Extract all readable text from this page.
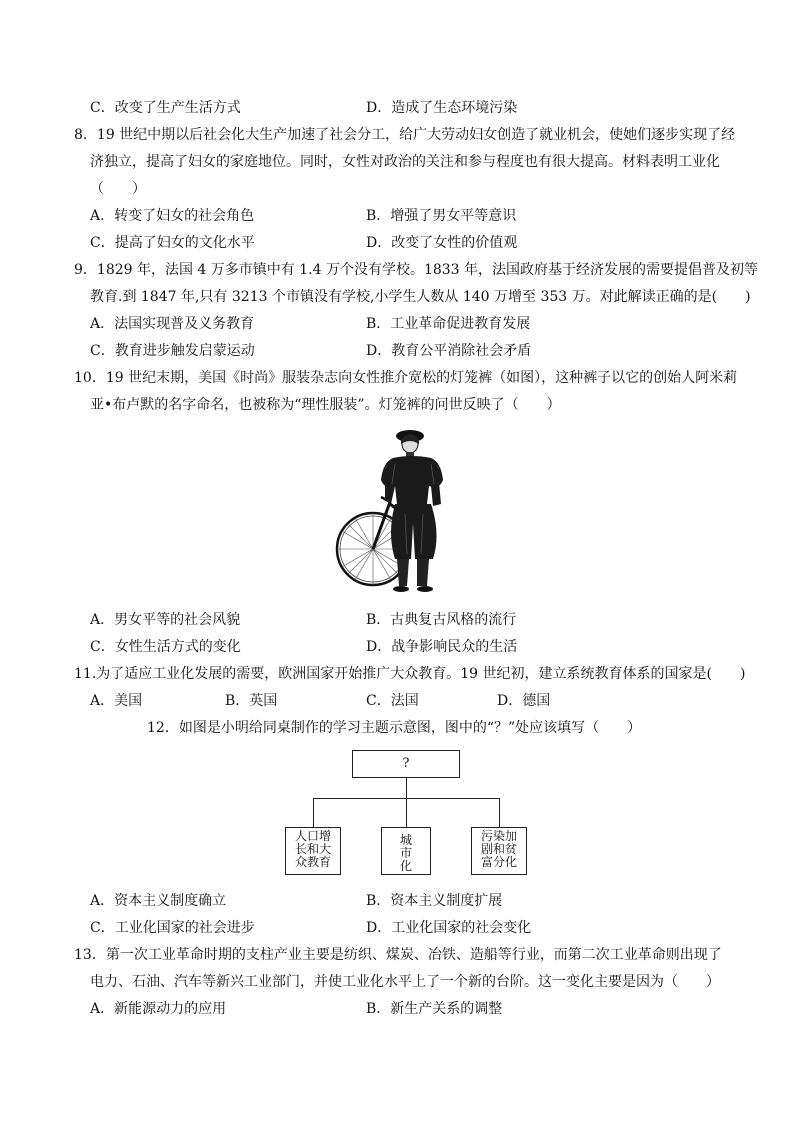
C．改变了生产生活方式	D．造成了生态环境污染
8．19 世纪中期以后社会化大生产加速了社会分工，给广大劳动妇女创造了就业机会，使她们逐步实现了经
济独立，提高了妇女的家庭地位。同时，女性对政治的关注和参与程度也有很大提高。材料表明工业化
（　　）
A．转变了妇女的社会角色	B．增强了男女平等意识
C．提高了妇女的文化水平	D．改变了女性的价值观
9．1829 年，法国 4 万多市镇中有 1.4 万个没有学校。1833 年，法国政府基于经济发展的需要提倡普及初等
教育.到 1847 年,只有 3213 个市镇没有学校,小学生人数从 140 万增至 353 万。对此解读正确的是(　　)
A．法国实现普及义务教育	B．工业革命促进教育发展
C．教育进步触发启蒙运动	D．教育公平消除社会矛盾
10．19 世纪末期，美国《时尚》服装杂志向女性推介宽松的灯笼裤（如图），这种裤子以它的创始人阿米莉
亚•布卢默的名字命名，也被称为“理性服装”。灯笼裤的问世反映了（　　）
A．男女平等的社会风貌	B．古典复古风格的流行
C．女性生活方式的变化	D．战争影响民众的生活
11.为了适应工业化发展的需要，欧洲国家开始推广大众教育。19 世纪初，建立系统教育体系的国家是(　　)
A．美国	B．英国	C．法国	D．德国
12．如图是小明给同桌制作的学习主题示意图，图中的“？”处应该填写（　　）
?
人口增长和大众教育
城市化
污染加剧和贫富分化
A．资本主义制度确立	B．资本主义制度扩展
C．工业化国家的社会进步	D．工业化国家的社会变化
13．第一次工业革命时期的支柱产业主要是纺织、煤炭、冶铁、造船等行业，而第二次工业革命则出现了
电力、石油、汽车等新兴工业部门，并使工业化水平上了一个新的台阶。这一变化主要是因为（　　）
A．新能源动力的应用	B．新生产关系的调整
